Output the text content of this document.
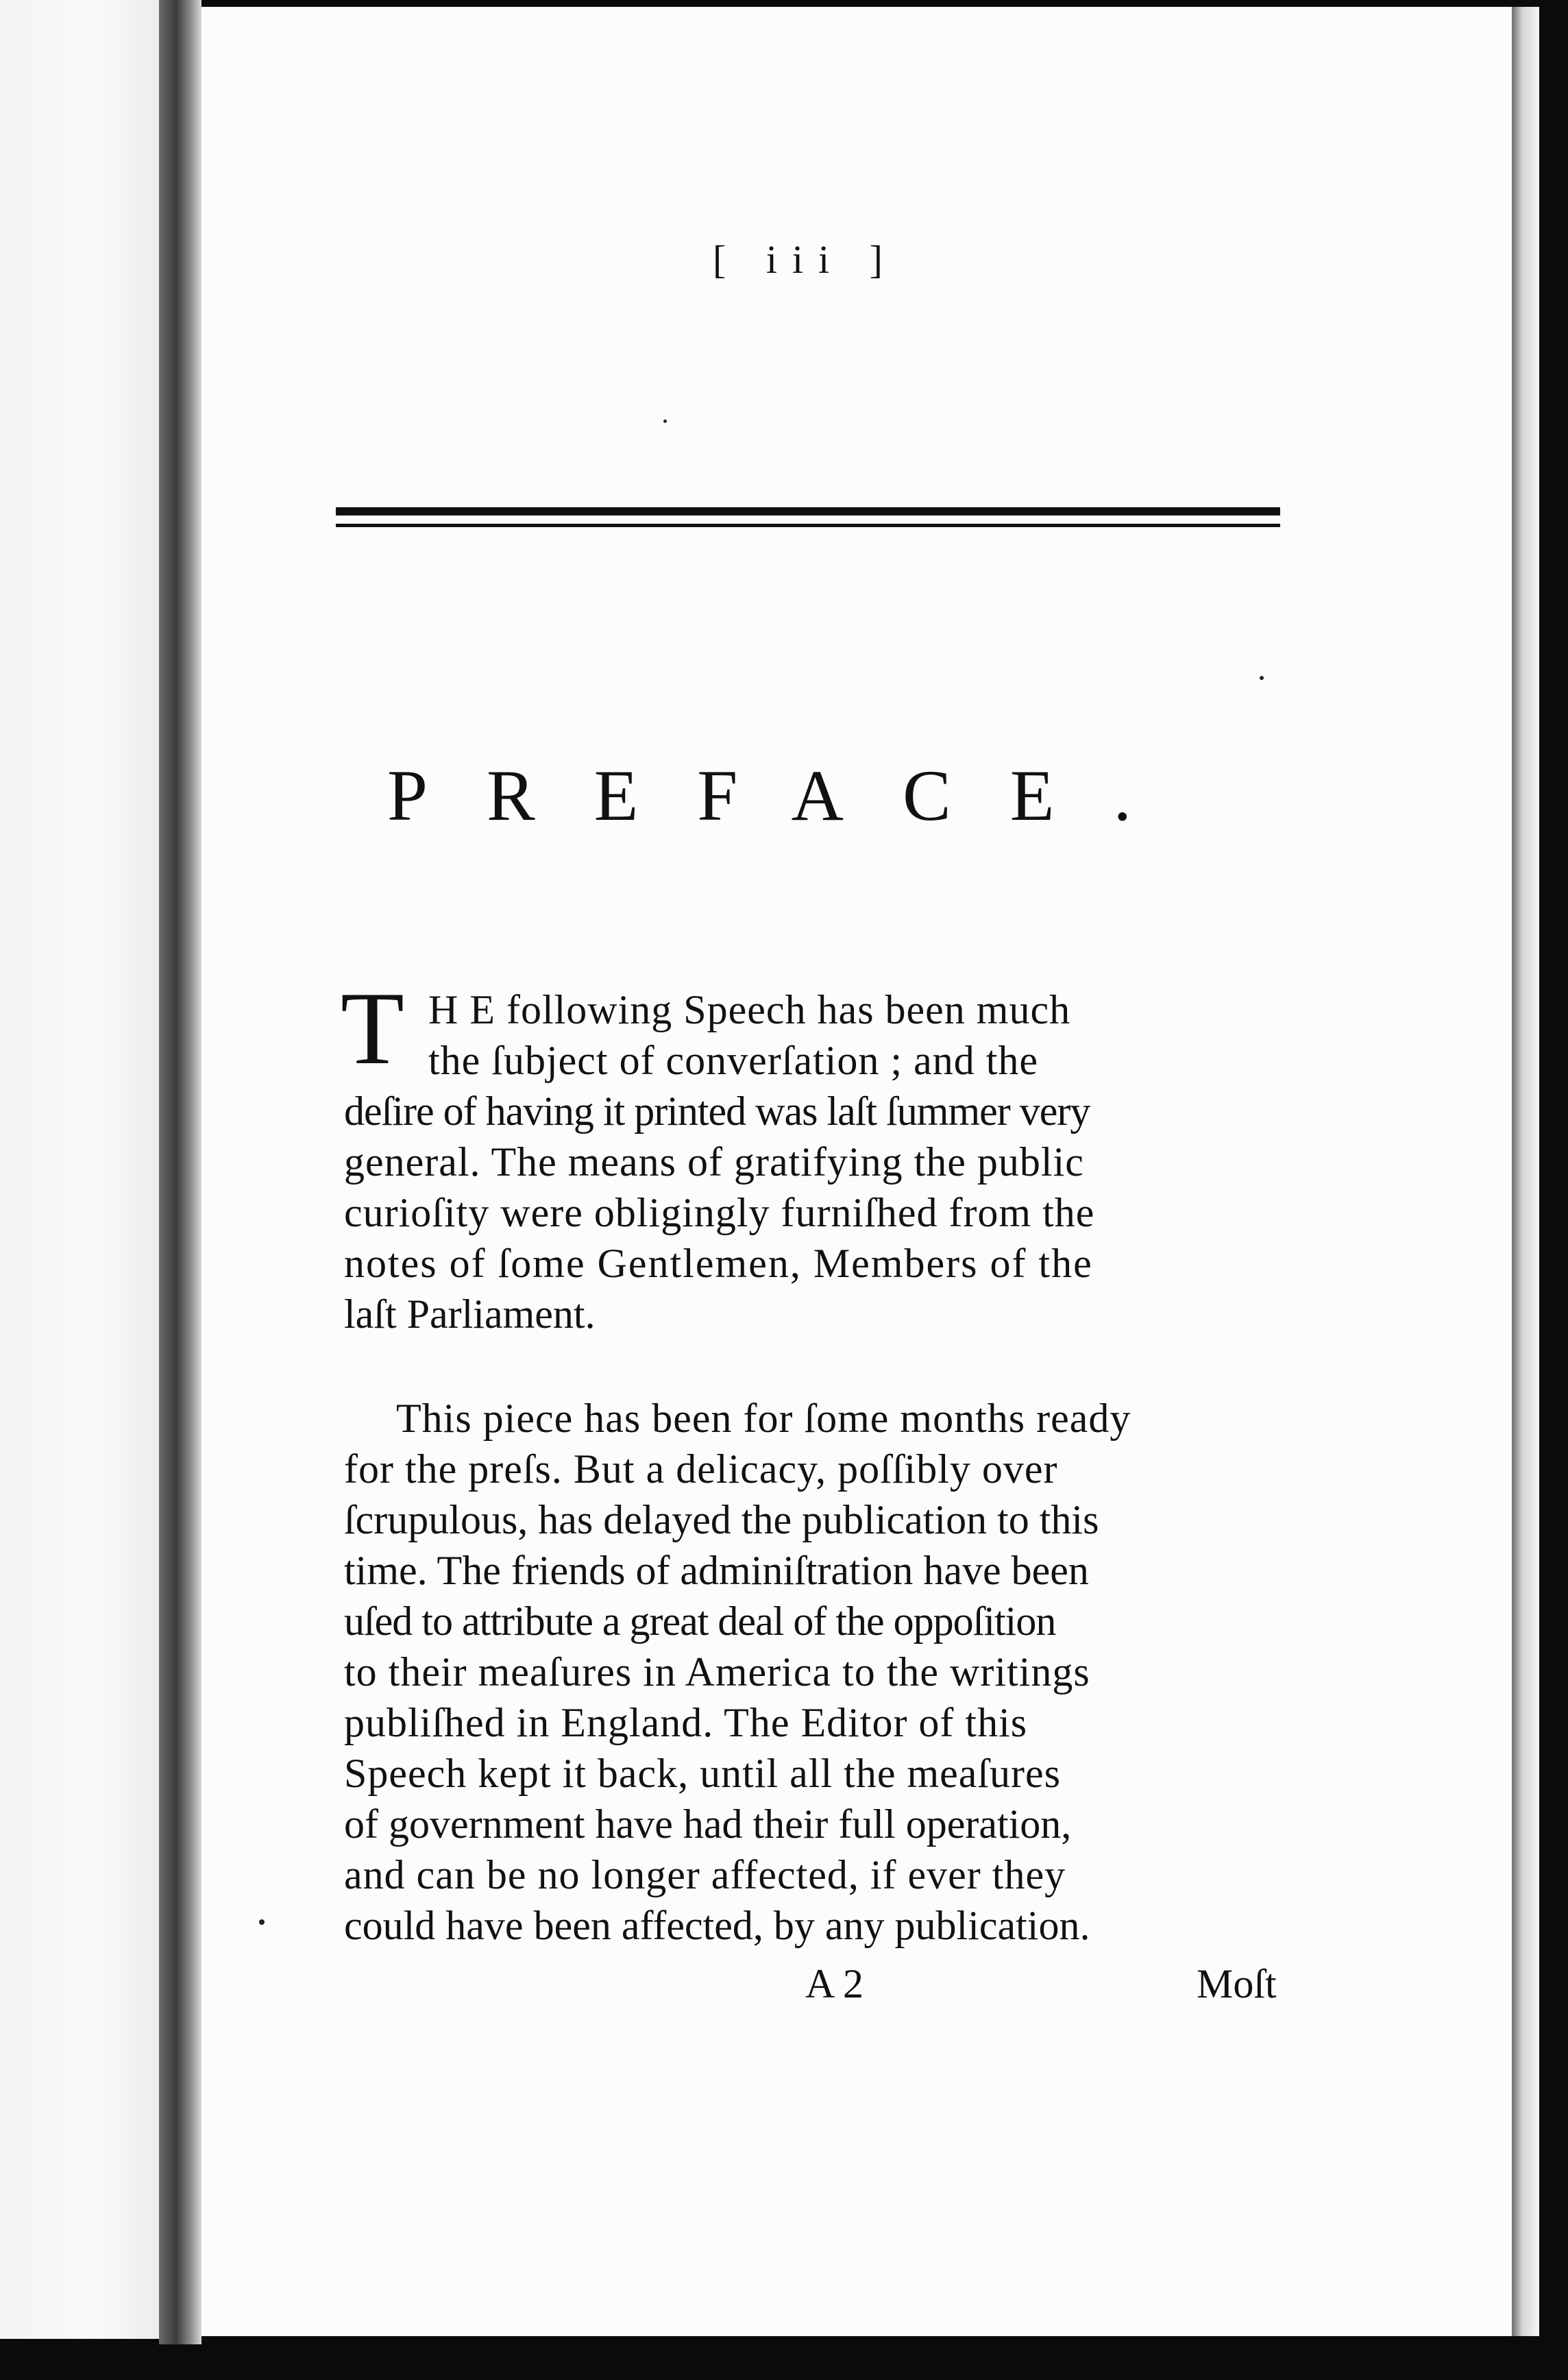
[ iii ]
PREFACE.
T H E following Speech has been much
the ſubject of converſation ; and the
deſire of having it printed was laſt ſummer very
general. The means of gratifying the public
curioſity were obligingly furniſhed from the
notes of ſome Gentlemen, Members of the
laſt Parliament.
This piece has been for ſome months ready
for the preſs. But a delicacy, poſſibly over
ſcrupulous, has delayed the publication to this
time. The friends of adminiſtration have been
uſed to attribute a great deal of the oppoſition
to their meaſures in America to the writings
publiſhed in England. The Editor of this
Speech kept it back, until all the meaſures
of government have had their full operation,
and can be no longer affected, if ever they
could have been affected, by any publication.
A 2	Moſt
